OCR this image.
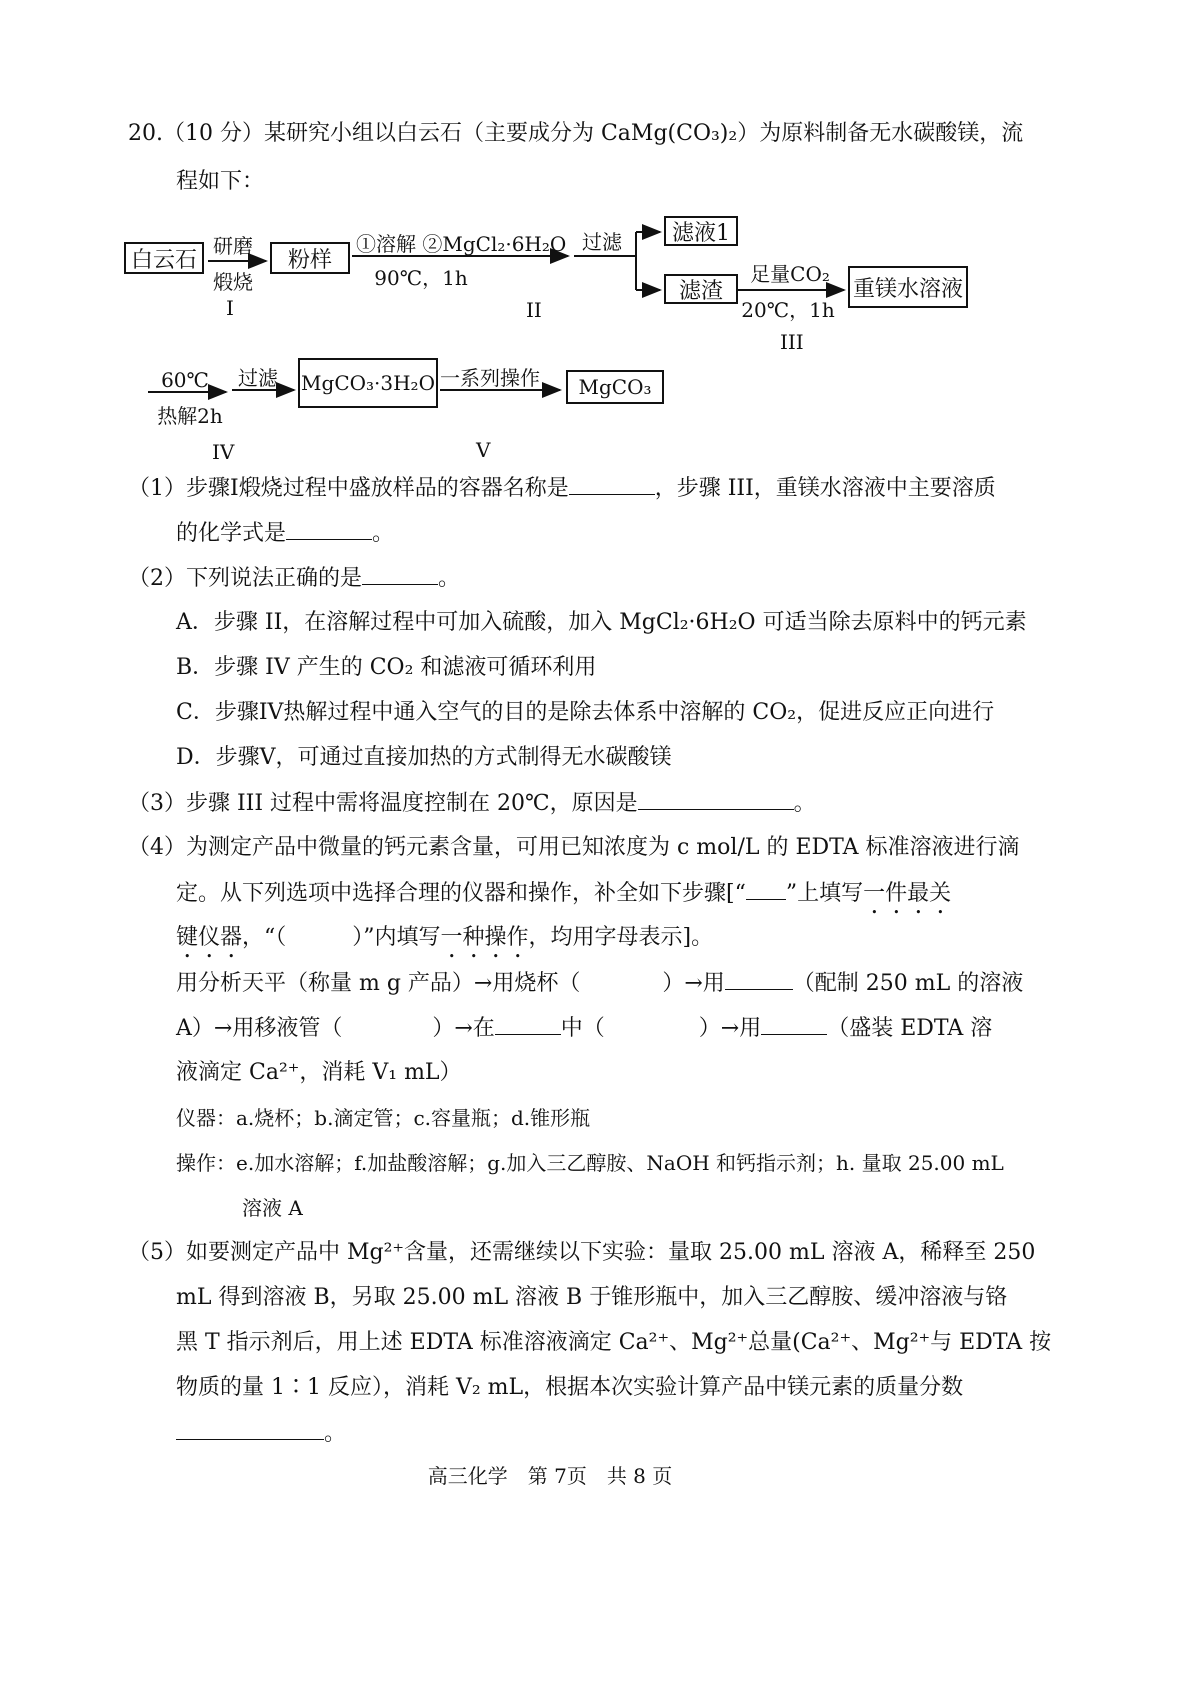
20.（10 分）某研究小组以白云石（主要成分为 CaMg(CO₃)₂）为原料制备无水碳酸镁，流
程如下：
白云石	粉样
滤液1
滤渣	重镁水溶液
MgCO₃·3H₂O	MgCO₃
研磨
煅烧
①溶解 ②MgCl₂·6H₂O
90℃，1h
过滤
足量CO₂
20℃，1h
60℃
热解2h
过滤	一系列操作
I	II
III
IV	V
（1）步骤I煅烧过程中盛放样品的容器名称是	，步骤 III，重镁水溶液中主要溶质
的化学式是	。
（2）下列说法正确的是	。
A．步骤 II，在溶解过程中可加入硫酸，加入 MgCl₂·6H₂O 可适当除去原料中的钙元素
B．步骤 IV 产生的 CO₂ 和滤液可循环利用
C．步骤IV热解过程中通入空气的目的是除去体系中溶解的 CO₂，促进反应正向进行
D．步骤V，可通过直接加热的方式制得无水碳酸镁
（3）步骤 III 过程中需将温度控制在 20℃，原因是	。
（4）为测定产品中微量的钙元素含量，可用已知浓度为 c mol/L 的 EDTA 标准溶液进行滴
定。从下列选项中选择合理的仪器和操作，补全如下步骤[“ ”上填写一件最关
键仪器，“（　　　）”内填写一种操作，均用字母表示]。
用分析天平（称量 m g 产品）→用烧杯（	）→用	（配制 250 mL 的溶液
A）→用移液管（	）→在	中（	）→用	（盛装 EDTA 溶
液滴定 Ca²⁺，消耗 V₁ mL）
仪器：a.烧杯；b.滴定管；c.容量瓶；d.锥形瓶
操作：e.加水溶解；f.加盐酸溶解；g.加入三乙醇胺、NaOH 和钙指示剂；h. 量取 25.00 mL
溶液 A
（5）如要测定产品中 Mg²⁺含量，还需继续以下实验：量取 25.00 mL 溶液 A，稀释至 250
mL 得到溶液 B，另取 25.00 mL 溶液 B 于锥形瓶中，加入三乙醇胺、缓冲溶液与铬
黑 T 指示剂后，用上述 EDTA 标准溶液滴定 Ca²⁺、Mg²⁺总量(Ca²⁺、Mg²⁺与 EDTA 按
物质的量 1∶1 反应），消耗 V₂ mL，根据本次实验计算产品中镁元素的质量分数
。
高三化学　第 7页　共 8 页
